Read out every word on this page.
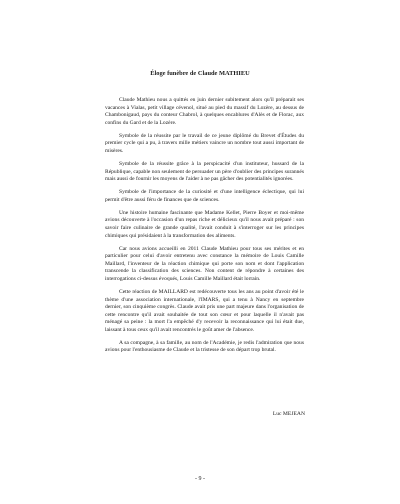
Éloge funèbre de Claude MATHIEU

Claude Mathieu nous a quittés en juin dernier subitement alors qu'il préparait ses vacances à Vialas, petit village cévenol, situé au pied du massif du Lozère, au dessus de Chambonigaud, pays du conteur Chabrol, à quelques encablures d'Alès et de Florac, aux confins du Gard et de la Lozère.

Symbole de la réussite par le travail de ce jeune diplômé du Brevet d'Études du premier cycle qui a pu, à travers mille métiers vaincre un nombre tout aussi important de misères.

Symbole de la réussite grâce à la perspicacité d'un instituteur, hussard de la République, capable non seulement de persuader un père d'oublier des principes surannés mais aussi de fournir les moyens de l'aider à ne pas gâcher des potentialités ignorées.

Symbole de l'importance de la curiosité et d'une intelligence éclectique, qui lui permit d'être aussi féru de finances que de sciences.

Une histoire humaine fascinante que Madame Kellet, Pierre Boyer et moi-même avions découverte à l'occasion d'un repas riche et délicieux qu'il nous avait préparé : son savoir faire culinaire de grande qualité, l'avait conduit à s'interroger sur les principes chimiques qui présidaient à la transformation des aliments.

Car nous avions accueilli en 2011 Claude Mathieu pour tous ses mérites et en particulier pour celui d'avoir entretenu avec constance la mémoire de Louis Camille Maillard, l'inventeur de la réaction chimique qui porte son nom et dont l'application transcende la classification des sciences. Non content de répondre à certaines des interrogations ci-dessus évoqués, Louis Camille Maillard était lorrain.

Cette réaction de MAILLARD est redécouverte tous les ans au point d'avoir été le thème d'une association internationale, l'IMARS, qui a tenu à Nancy en septembre dernier, son cinquième congrès. Claude avait pris une part majeure dans l'organisation de cette rencontre qu'il avait souhaitée de tout son cœur et pour laquelle il n'avait pas ménagé sa peine : la mort l'a empêché d'y recevoir la reconnaissance qui lui était due, laissant à tous ceux qu'il avait rencontrés le goût amer de l'absence.

A sa compagne, à sa famille, au nom de l'Académie, je redis l'admiration que nous avions pour l'enthousiasme de Claude et la tristesse de son départ trop brutal.

Luc MEJEAN

- 9 -
